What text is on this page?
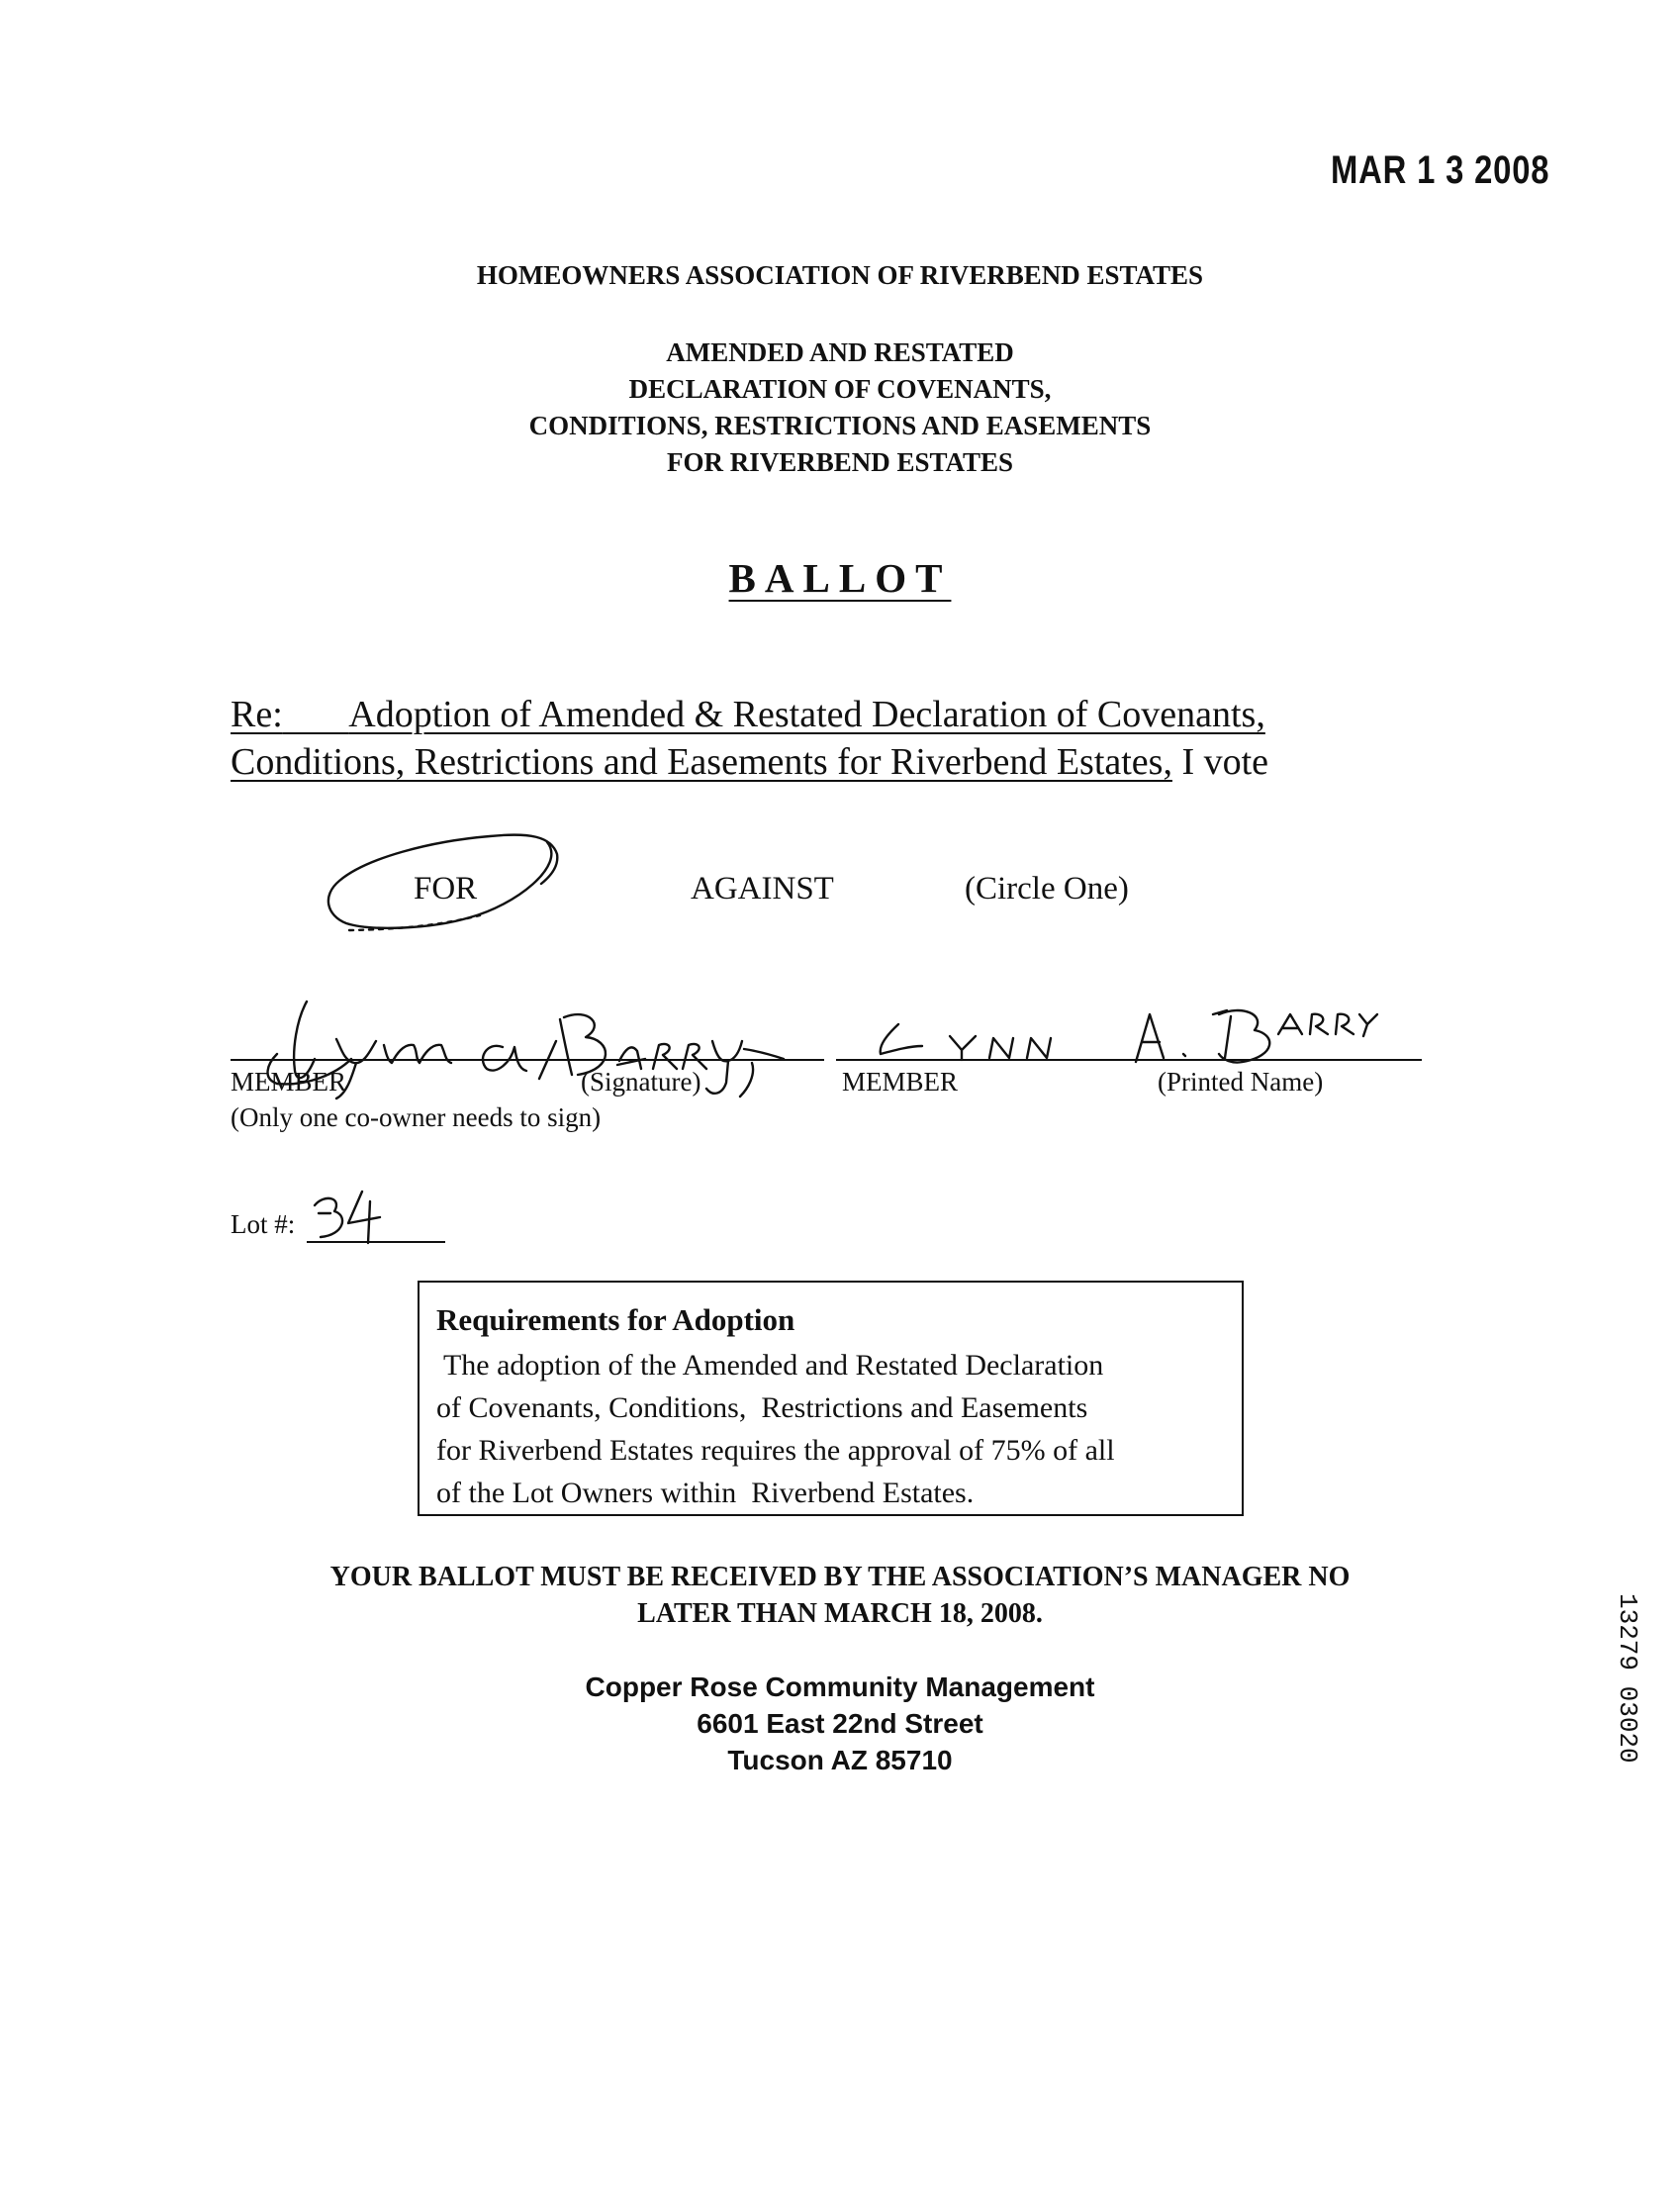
MAR 1 3 2008
HOMEOWNERS ASSOCIATION OF RIVERBEND ESTATES
AMENDED AND RESTATED
DECLARATION OF COVENANTS,
CONDITIONS, RESTRICTIONS AND EASEMENTS
FOR RIVERBEND ESTATES
BALLOT
Re: Adoption of Amended & Restated Declaration of Covenants,
Conditions, Restrictions and Easements for Riverbend Estates, I vote
FOR	AGAINST	(Circle One)
MEMBER	(Signature)	MEMBER	(Printed Name)
(Only one co-owner needs to sign)
Lot #:
Requirements for Adoption
The adoption of the Amended and Restated Declaration
of Covenants, Conditions,  Restrictions and Easements
for Riverbend Estates requires the approval of 75% of all
of the Lot Owners within  Riverbend Estates.
YOUR BALLOT MUST BE RECEIVED BY THE ASSOCIATION’S MANAGER NO
LATER THAN MARCH 18, 2008.
Copper Rose Community Management
6601 East 22nd Street
Tucson AZ 85710	13279 03020
